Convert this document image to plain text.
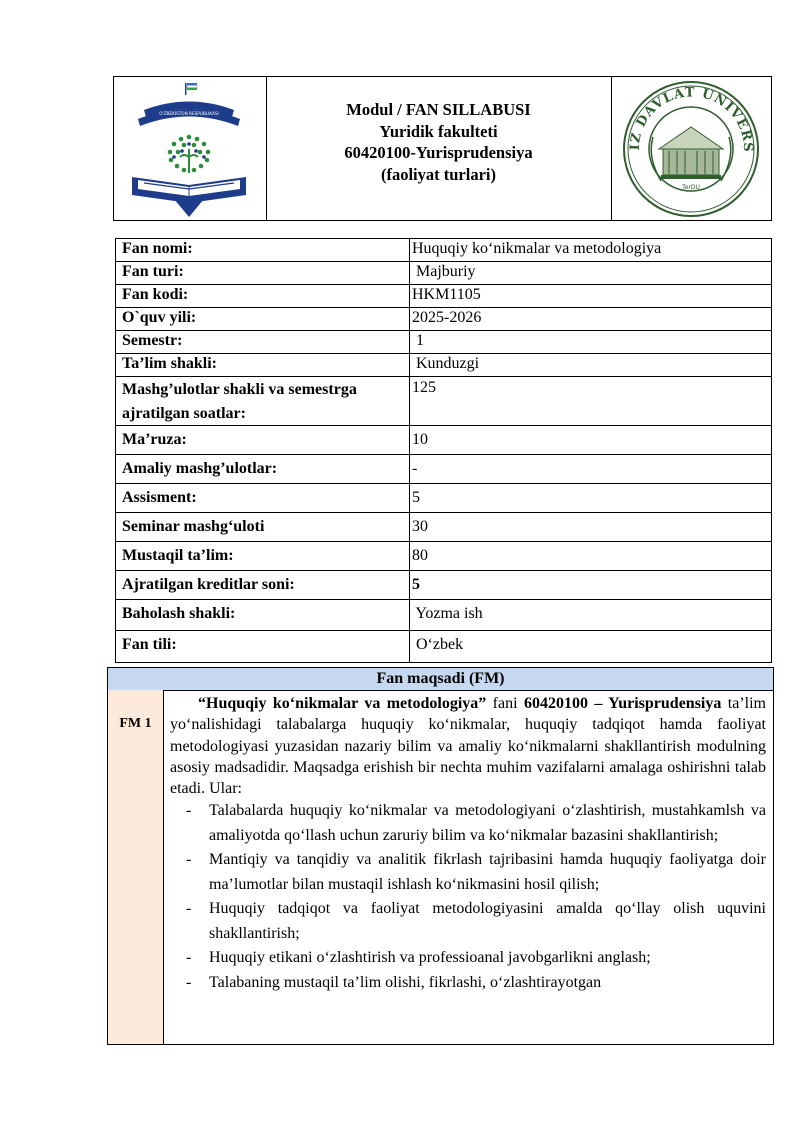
O'ZBEKISTON RESPUBLIKASI
OLIY TA'LIM, FAN VA INNOVATSIYALAR
Modul / FAN SILLABUSI
Yuridik fakulteti
60420100-Yurisprudensiya
(faoliyat turlari)
IZ DAVLAT UNIVERS
TerDU
Fan nomi:	Huquqiy ko‘nikmalar va metodologiya
Fan turi:	Majburiy
Fan kodi:	HKM1105
O`quv yili:	2025-2026
Semestr:	1
Ta’lim shakli:	Kunduzgi
Mashg’ulotlar shakli va semestrga ajratilgan soatlar:
125
Ma’ruza:	10
Amaliy mashg’ulotlar:	-
Assisment:	5
Seminar mashg‘uloti	30
Mustaqil ta’lim:	80
Ajratilgan kreditlar soni:	5
Baholash shakli:	Yozma ish
Fan tili:	O‘zbek
Fan maqsadi (FM)
FM 1

“Huquqiy ko‘nikmalar va metodologiya” fani 60420100 – Yurisprudensiya ta’lim yo‘nalishidagi talabalarga huquqiy ko‘nikmalar, huquqiy tadqiqot hamda faoliyat metodologiyasi yuzasidan nazariy bilim va amaliy ko‘nikmalarni shakllantirish modulning asosiy madsadidir. Maqsadga erishish bir nechta muhim vazifalarni amalaga oshirishni talab etadi. Ular:

- Talabalarda huquqiy ko‘nikmalar va metodologiyani o‘zlashtirish, mustahkamlsh va amaliyotda qo‘llash uchun zaruriy bilim va ko‘nikmalar bazasini shakllantirish;
- Mantiqiy va tanqidiy va analitik fikrlash tajribasini hamda huquqiy faoliyatga doir ma’lumotlar bilan mustaqil ishlash ko‘nikmasini hosil qilish;
- Huquqiy tadqiqot va faoliyat metodologiyasini amalda qo‘llay olish uquvini shakllantirish;
- Huquqiy etikani o‘zlashtirish va professioanal javobgarlikni anglash;
- Talabaning mustaqil ta’lim olishi, fikrlashi, o‘zlashtirayotgan
